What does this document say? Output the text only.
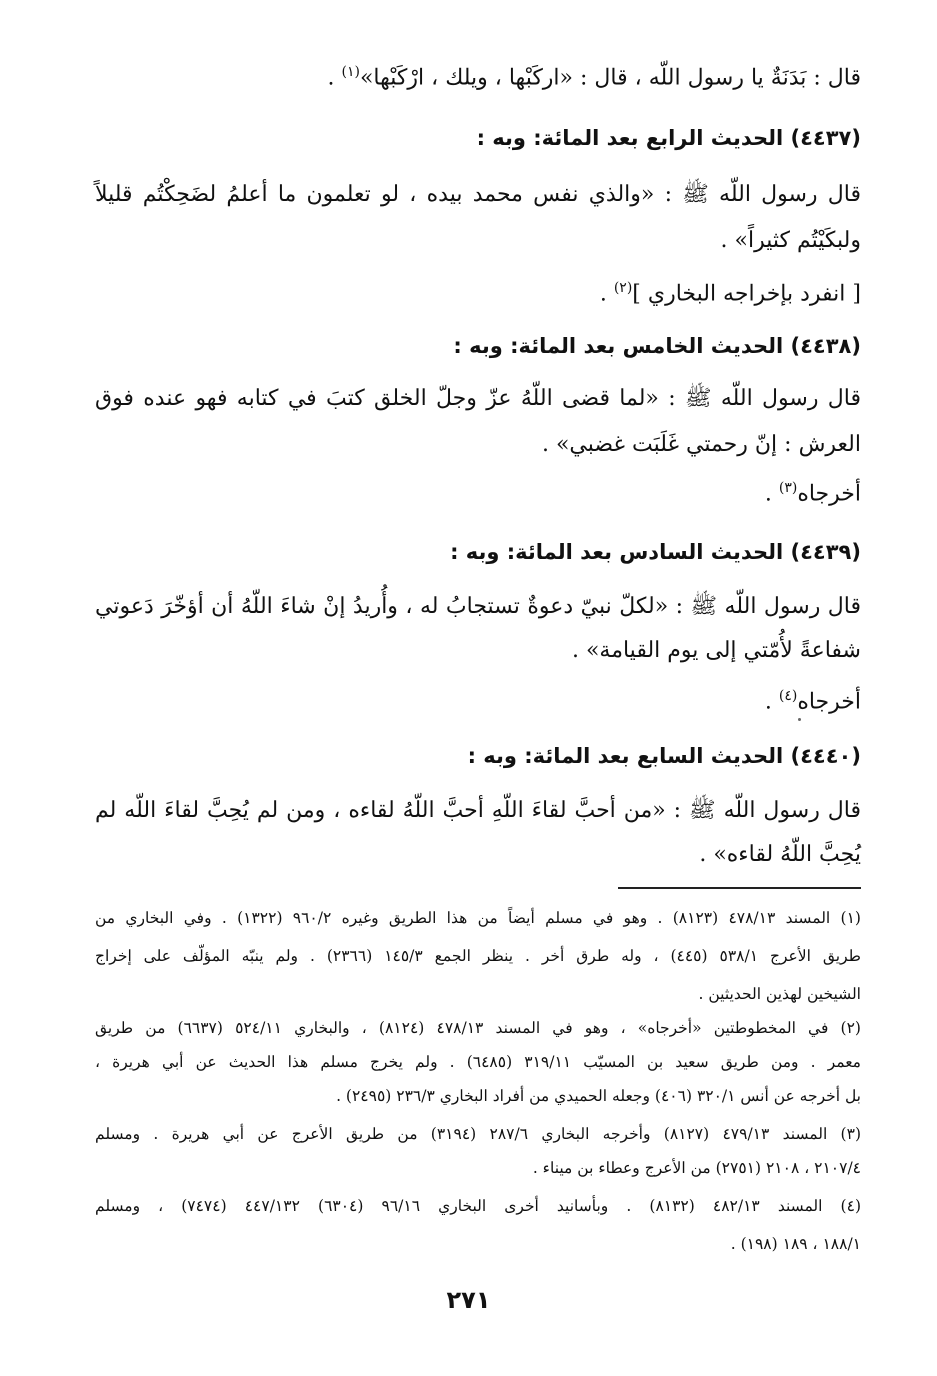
قال : بَدَنَةٌ يا رسول اللّه ، قال : «اركَبْها ، ويلك ، ارْكَبْها»$^{(١)}$ .
(٤٤٣٧) الحديث الرابع بعد المائة: وبه :
قال رسول اللّه ﷺ : «والذي نفس محمد بيده ، لو تعلمون ما أعلمُ لضَحِكْتُم قليلاً
ولبكَيْتُم كثيراً» .
[ انفرد بإخراجه البخاري ]$^{(٢)}$ .
(٤٤٣٨) الحديث الخامس بعد المائة: وبه :
قال رسول اللّه ﷺ : «لما قضى اللّهُ عزّ وجلّ الخلق كتبَ في كتابه فهو عنده فوق
العرش : إنّ رحمتي غَلَبَت غضبي» .
أخرجاه$^{(٣)}$ .
(٤٤٣٩) الحديث السادس بعد المائة: وبه :
قال رسول اللّه ﷺ : «لكلّ نبيّ دعوةٌ تستجابُ له ، وأُريدُ إنْ شاءَ اللّهُ أن أؤخّرَ دَعوتي
شفاعةً لأُمّتي إلى يوم القيامة» .
أخرجاه$^{(٤)}$ .
(٤٤٤٠) الحديث السابع بعد المائة: وبه :
قال رسول اللّه ﷺ : «من أحبَّ لقاءَ اللّهِ أحبَّ اللّهُ لقاءه ، ومن لم يُحِبَّ لقاءَ اللّه لم
يُحِبَّ اللّهُ لقاءه» .
(١) المسند ٤٧٨/١٣ (٨١٢٣) . وهو في مسلم أيضاً من هذا الطريق وغيره ٩٦٠/٢ (١٣٢٢) . وفي البخاري من
طريق الأعرج ٥٣٨/١ (٤٤٥) ، وله طرق أخر . ينظر الجمع ١٤٥/٣ (٢٣٦٦) . ولم ينبّه المؤلّف على إخراج
الشيخين لهذين الحديثين .
(٢) في المخطوطتين «أخرجاه» ، وهو في المسند ٤٧٨/١٣ (٨١٢٤) ، والبخاري ٥٢٤/١١ (٦٦٣٧) من طريق
معمر . ومن طريق سعيد بن المسيّب ٣١٩/١١ (٦٤٨٥) . ولم يخرج مسلم هذا الحديث عن أبي هريرة ،
بل أخرجه عن أنس ٣٢٠/١ (٤٠٦) وجعله الحميدي من أفراد البخاري ٢٣٦/٣ (٢٤٩٥) .
(٣) المسند ٤٧٩/١٣ (٨١٢٧) وأخرجه البخاري ٢٨٧/٦ (٣١٩٤) من طريق الأعرج عن أبي هريرة . ومسلم
٢١٠٧/٤ ، ٢١٠٨ (٢٧٥١) من الأعرج وعطاء بن ميناء .
(٤) المسند ٤٨٢/١٣ (٨١٣٢) . وبأسانيد أخرى البخاري ٩٦/١٦ (٦٣٠٤) ٤٤٧/١٣٢ (٧٤٧٤) ، ومسلم
١٨٨/١ ، ١٨٩ (١٩٨) .
٢٧١
